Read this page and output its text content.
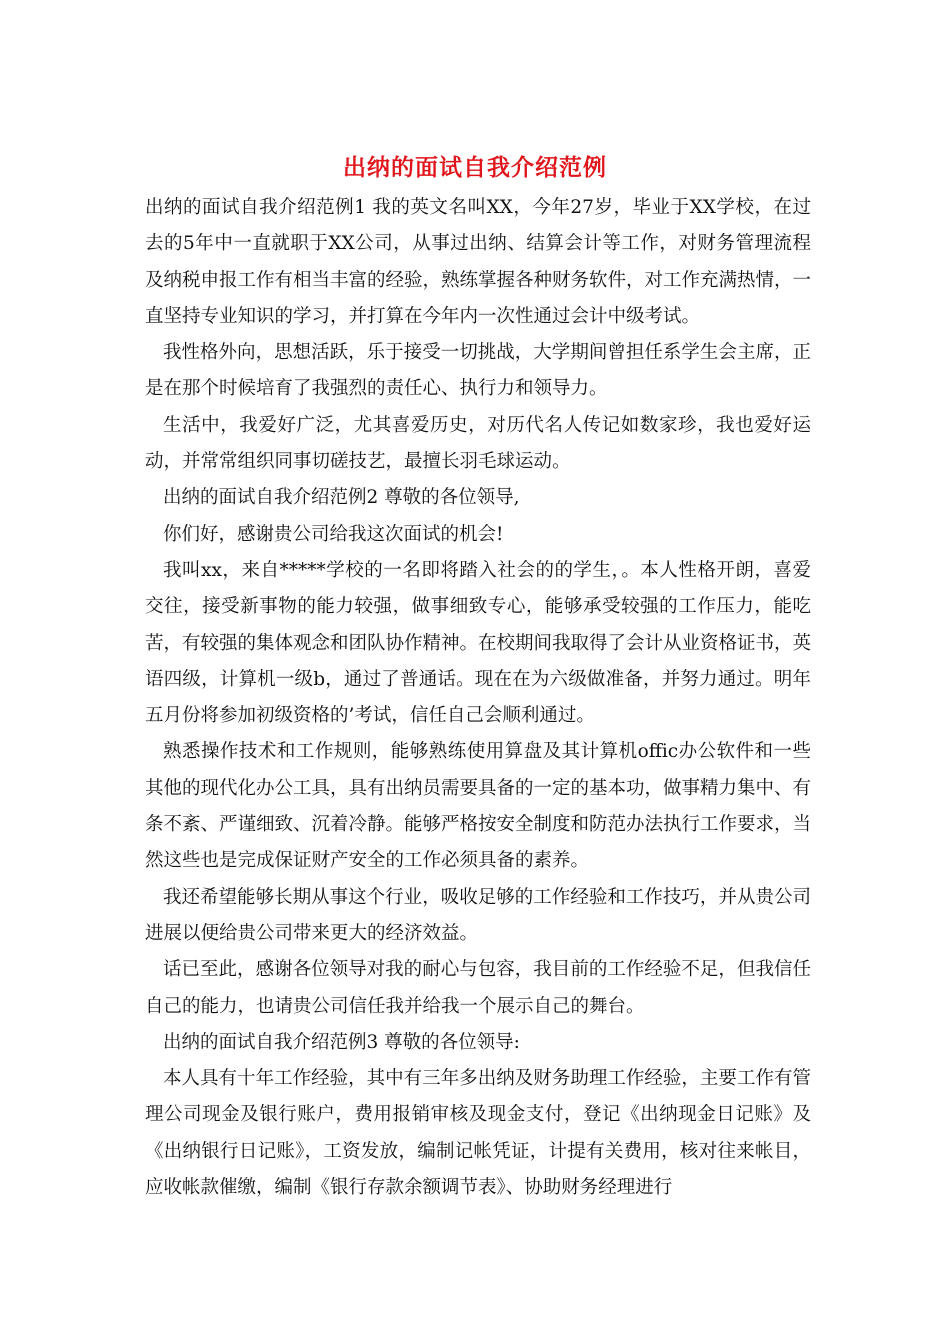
出纳的面试自我介绍范例

出纳的面试自我介绍范例1 我的英文名叫XX，今年27岁，毕业于XX学校，在过去的5年中一直就职于XX公司，从事过出纳、结算会计等工作，对财务管理流程及纳税申报工作有相当丰富的经验，熟练掌握各种财务软件，对工作充满热情，一直坚持专业知识的学习，并打算在今年内一次性通过会计中级考试。

我性格外向，思想活跃，乐于接受一切挑战，大学期间曾担任系学生会主席，正是在那个时候培育了我强烈的责任心、执行力和领导力。

生活中，我爱好广泛，尤其喜爱历史，对历代名人传记如数家珍，我也爱好运动，并常常组织同事切磋技艺，最擅长羽毛球运动。

出纳的面试自我介绍范例2 尊敬的各位领导,

你们好，感谢贵公司给我这次面试的机会!

我叫xx，来自*****学校的一名即将踏入社会的的学生，。本人性格开朗，喜爱交往，接受新事物的能力较强，做事细致专心，能够承受较强的工作压力，能吃苦，有较强的集体观念和团队协作精神。在校期间我取得了会计从业资格证书，英语四级，计算机一级b，通过了普通话。现在在为六级做准备，并努力通过。明年五月份将参加初级资格的’考试，信任自己会顺利通过。

熟悉操作技术和工作规则，能够熟练使用算盘及其计算机offic办公软件和一些其他的现代化办公工具，具有出纳员需要具备的一定的基本功，做事精力集中、有条不紊、严谨细致、沉着冷静。能够严格按安全制度和防范办法执行工作要求，当然这些也是完成保证财产安全的工作必须具备的素养。

我还希望能够长期从事这个行业，吸收足够的工作经验和工作技巧，并从贵公司进展以便给贵公司带来更大的经济效益。

话已至此，感谢各位领导对我的耐心与包容，我目前的工作经验不足，但我信任自己的能力，也请贵公司信任我并给我一个展示自己的舞台。

出纳的面试自我介绍范例3 尊敬的各位领导:

本人具有十年工作经验，其中有三年多出纳及财务助理工作经验，主要工作有管理公司现金及银行账户，费用报销审核及现金支付，登记《出纳现金日记账》及《出纳银行日记账》，工资发放，编制记帐凭证，计提有关费用，核对往来帐目，应收帐款催缴，编制《银行存款余额调节表》、协助财务经理进行
